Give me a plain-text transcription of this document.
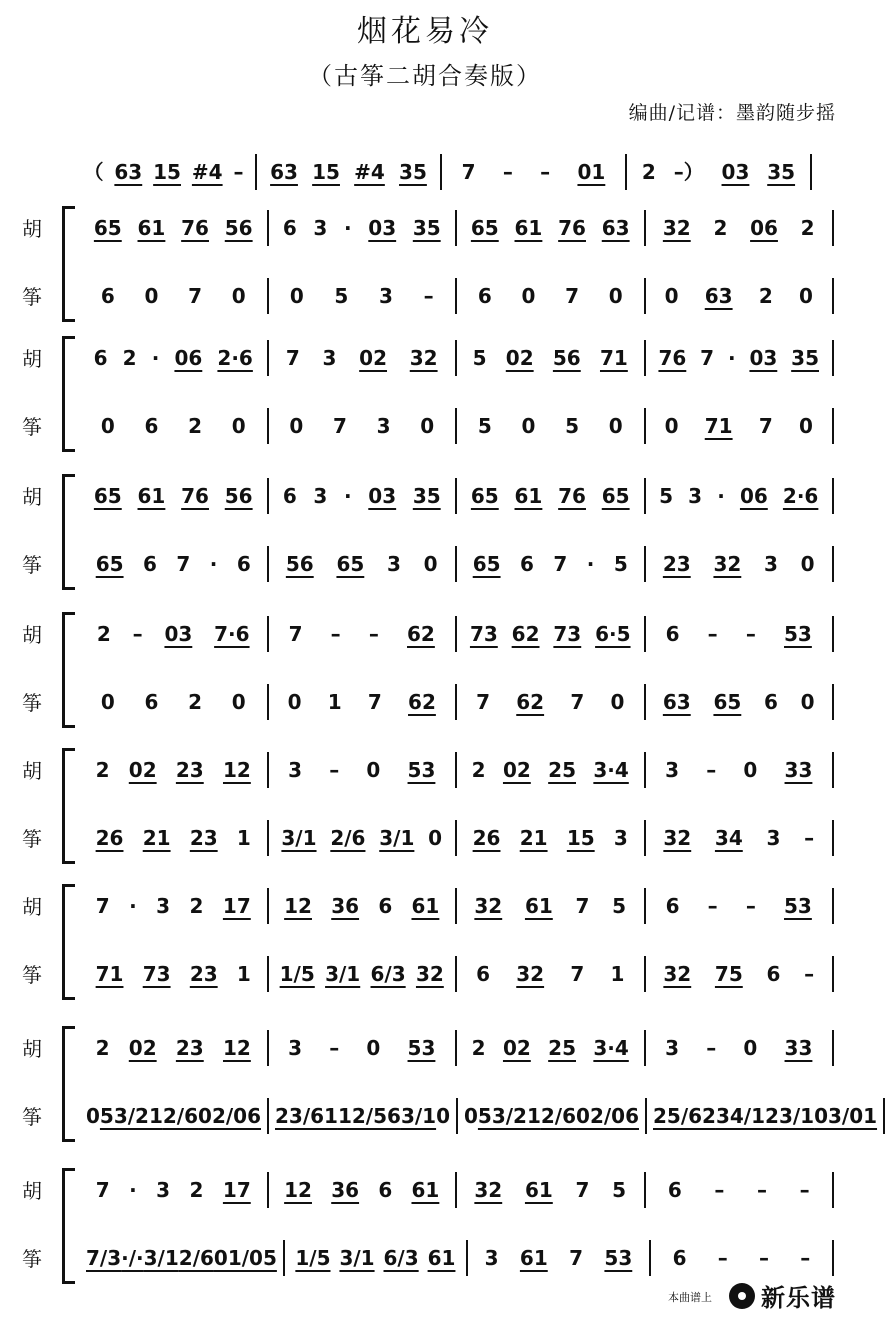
烟花易冷
（古筝二胡合奏版）
编曲/记谱：墨韵随步摇
（ 63 15 #4 – 63 15 #4 35 7 – – 01 2 –） 03 35
胡	65 61 76 56 6 3 · 03 35 65 61 76 63 32 2 06 2
筝	6 0 7 0 0 5 3 – 6 0 7 0 0 63 2 0
胡	6 2 · 06 2·6 7 3 02 32 5 02 56 71 76 7 · 03 35
筝	0 6 2 0 0 7 3 0 5 0 5 0 0 71 7 0
胡	65 61 76 56 6 3 · 03 35 65 61 76 65 5 3 · 06 2·6
筝	65 6 7 · 6 56 65 3 0 65 6 7 · 5 23 32 3 0
胡	2 – 03 7·6 7 – – 62 73 62 73 6·5 6 – – 53
筝	0 6 2 0 0 1 7 62 7 62 7 0 63 65 6 0
胡	2 02 23 12 3 – 0 53 2 02 25 3·4 3 – 0 33
筝	26 21 23 1 3/1 2/6 3/1 0 26 21 15 3 32 34 3 –
胡	7 · 3 2 17 12 36 6 61 32 61 7 5 6 – – 53
筝	71 73 23 1 1/5 3/1 6/3 32 6 32 7 1 32 75 6 –
胡	2 02 23 12 3 – 0 53 2 02 25 3·4 3 – 0 33
筝	0 53/21 2/6 02/06 23/61 12/56 3/1 0 0 53/21 2/6 02/06 25/62 34/12 3/1 03/01
胡	7 · 3 2 17 12 36 6 61 32 61 7 5 6 – – –
筝	7/3 ·/· 3/1 2/6 01/05 1/5 3/1 6/3 61 3 61 7 53 6 – – –
本曲谱上 新乐谱
